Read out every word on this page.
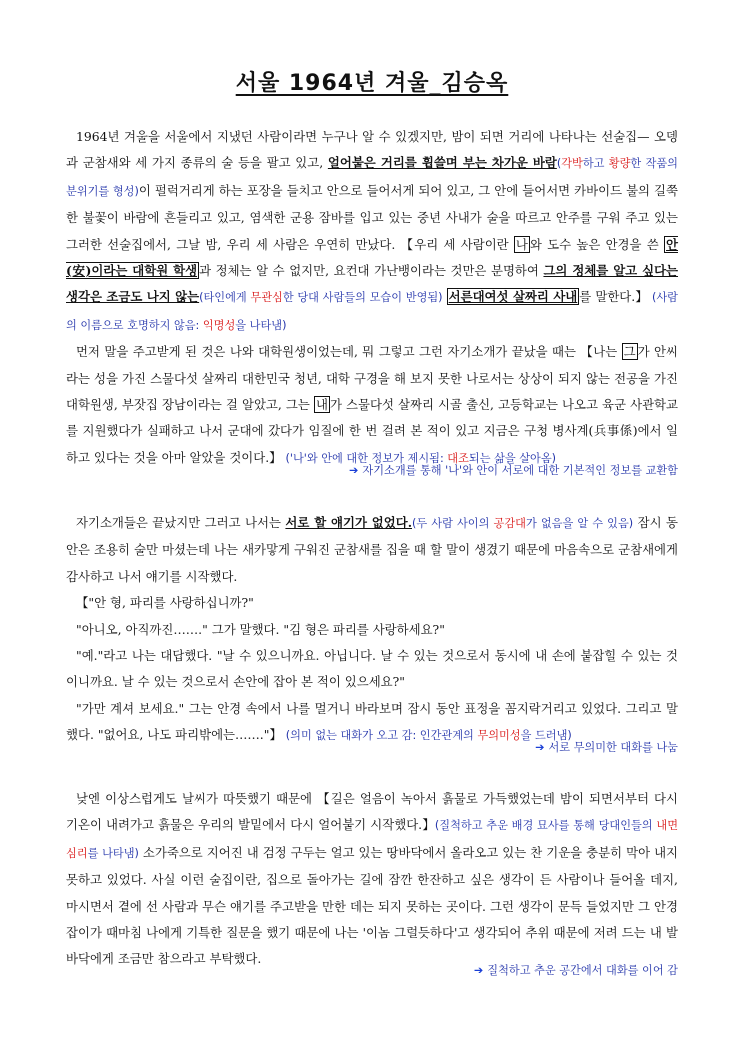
서울 1964년 겨울_김승옥

1964년 겨울을 서울에서 지냈던 사람이라면 누구나 알 수 있겠지만, 밤이 되면 거리에 나타나는 선술집— 오뎅과 군참새와 세 가지 종류의 술 등을 팔고 있고, 얼어붙은 거리를 휩쓸며 부는 차가운 바람(각박하고 황량한 작품의 분위기를 형성)이 펄럭거리게 하는 포장을 들치고 안으로 들어서게 되어 있고, 그 안에 들어서면 카바이드 불의 길쭉한 불꽃이 바람에 흔들리고 있고, 염색한 군용 잠바를 입고 있는 중년 사내가 술을 따르고 안주를 구워 주고 있는 그러한 선술집에서, 그날 밤, 우리 세 사람은 우연히 만났다. 【우리 세 사람이란 나 와 도수 높은 안경을 쓴 안(安)이라는 대학원 학생 과 정체는 알 수 없지만, 요컨대 가난뱅이라는 것만은 분명하여 그의 정체를 알고 싶다는 생각은 조금도 나지 않는(타인에게 무관심한 당대 사람들의 모습이 반영됨) 서른대여섯 살짜리 사내 를 말한다.】 (사람의 이름으로 호명하지 않음: 익명성을 나타냄)

먼저 말을 주고받게 된 것은 나와 대학원생이었는데, 뭐 그렇고 그런 자기소개가 끝났을 때는 【나는 그 가 안씨라는 성을 가진 스물다섯 살짜리 대한민국 청년, 대학 구경을 해 보지 못한 나로서는 상상이 되지 않는 전공을 가진 대학원생, 부잣집 장남이라는 걸 알았고, 그는 내 가 스물다섯 살짜리 시골 출신, 고등학교는 나오고 육군 사관학교를 지원했다가 실패하고 나서 군대에 갔다가 임질에 한 번 걸려 본 적이 있고 지금은 구청 병사계(兵事係)에서 일하고 있다는 것을 아마 알았을 것이다.】 ('나'와 안에 대한 정보가 제시됨: 대조되는 삶을 살아옴)

➔ 자기소개를 통해 '나'와 안이 서로에 대한 기본적인 정보를 교환함

자기소개들은 끝났지만 그러고 나서는 서로 할 얘기가 없었다.(두 사람 사이의 공감대가 없음을 알 수 있음) 잠시 동안은 조용히 술만 마셨는데 나는 새카맣게 구워진 군참새를 집을 때 할 말이 생겼기 때문에 마음속으로 군참새에게 감사하고 나서 얘기를 시작했다.

【"안 형, 파리를 사랑하십니까?"

"아니오, 아직까진……." 그가 말했다. "김 형은 파리를 사랑하세요?"

"예."라고 나는 대답했다. "날 수 있으니까요. 아닙니다. 날 수 있는 것으로서 동시에 내 손에 붙잡힐 수 있는 것이니까요. 날 수 있는 것으로서 손안에 잡아 본 적이 있으세요?"

"가만 계셔 보세요." 그는 안경 속에서 나를 멀거니 바라보며 잠시 동안 표정을 꼼지락거리고 있었다. 그리고 말했다. "없어요, 나도 파리밖에는……."】 (의미 없는 대화가 오고 감: 인간관계의 무의미성을 드러냄)

➔ 서로 무의미한 대화를 나눔

낮엔 이상스럽게도 날씨가 따뜻했기 때문에 【길은 얼음이 녹아서 흙물로 가득했었는데 밤이 되면서부터 다시 기온이 내려가고 흙물은 우리의 발밑에서 다시 얼어붙기 시작했다.】(질척하고 추운 배경 묘사를 통해 당대인들의 내면 심리를 나타냄) 소가죽으로 지어진 내 검정 구두는 얼고 있는 땅바닥에서 올라오고 있는 찬 기운을 충분히 막아 내지 못하고 있었다. 사실 이런 술집이란, 집으로 돌아가는 길에 잠깐 한잔하고 싶은 생각이 든 사람이나 들어올 데지, 마시면서 곁에 선 사람과 무슨 얘기를 주고받을 만한 데는 되지 못하는 곳이다. 그런 생각이 문득 들었지만 그 안경잡이가 때마침 나에게 기특한 질문을 했기 때문에 나는 '이놈 그럴듯하다'고 생각되어 추위 때문에 저려 드는 내 발바닥에게 조금만 참으라고 부탁했다.

➔ 질척하고 추운 공간에서 대화를 이어 감
